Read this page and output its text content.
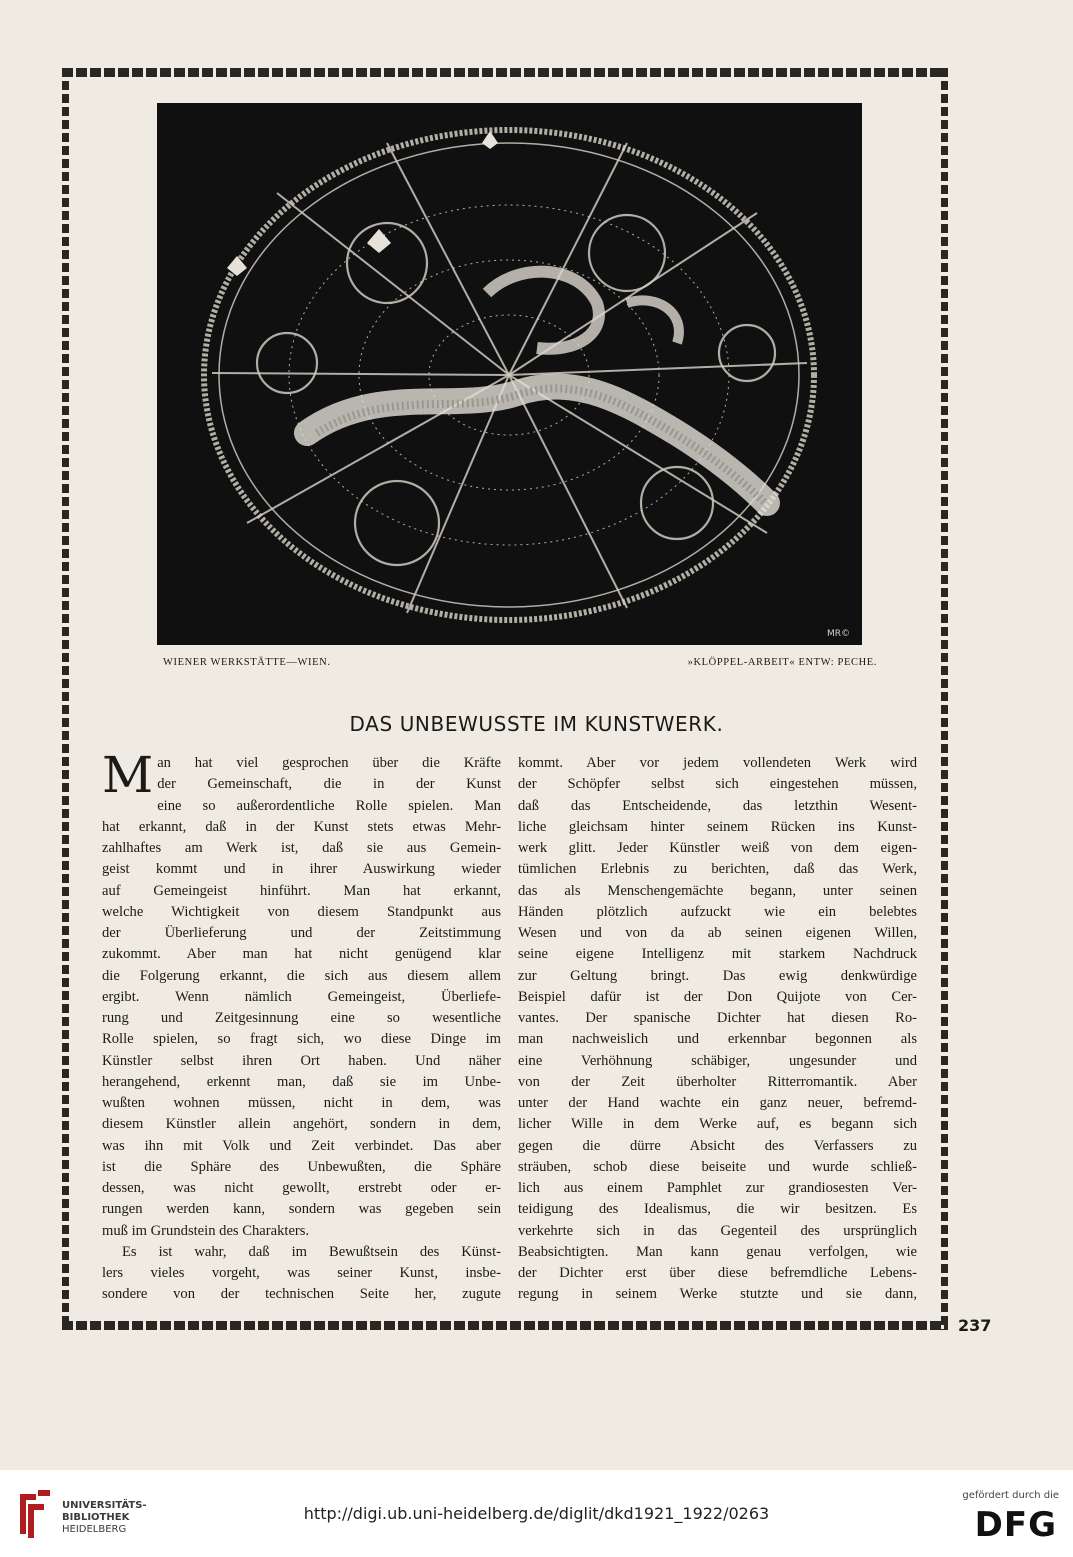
MR©
WIENER WERKSTÄTTE—WIEN.	»KLÖPPEL-ARBEIT« ENTW: PECHE.
DAS UNBEWUSSTE IM KUNSTWERK.
M an hat viel gesprochen über die Kräfte
der Gemeinschaft, die in der Kunst
eine so außerordentliche Rolle spielen. Man
hat erkannt, daß in der Kunst stets etwas Mehr-
zahlhaftes am Werk ist, daß sie aus Gemein-
geist kommt und in ihrer Auswirkung wieder
auf Gemeingeist hinführt. Man hat erkannt,
welche Wichtigkeit von diesem Standpunkt aus
der Überlieferung und der Zeitstimmung
zukommt. Aber man hat nicht genügend klar
die Folgerung erkannt, die sich aus diesem allem
ergibt. Wenn nämlich Gemeingeist, Überliefe-
rung und Zeitgesinnung eine so wesentliche
Rolle spielen, so fragt sich, wo diese Dinge im
Künstler selbst ihren Ort haben. Und näher
herangehend, erkennt man, daß sie im Unbe-
wußten wohnen müssen, nicht in dem, was
diesem Künstler allein angehört, sondern in dem,
was ihn mit Volk und Zeit verbindet. Das aber
ist die Sphäre des Unbewußten, die Sphäre
dessen, was nicht gewollt, erstrebt oder er-
rungen werden kann, sondern was gegeben sein
muß im Grundstein des Charakters.
Es ist wahr, daß im Bewußtsein des Künst-
lers vieles vorgeht, was seiner Kunst, insbe-
sondere von der technischen Seite her, zugute
kommt. Aber vor jedem vollendeten Werk wird
der Schöpfer selbst sich eingestehen müssen,
daß das Entscheidende, das letzthin Wesent-
liche gleichsam hinter seinem Rücken ins Kunst-
werk glitt. Jeder Künstler weiß von dem eigen-
tümlichen Erlebnis zu berichten, daß das Werk,
das als Menschengemächte begann, unter seinen
Händen plötzlich aufzuckt wie ein belebtes
Wesen und von da ab seinen eigenen Willen,
seine eigene Intelligenz mit starkem Nachdruck
zur Geltung bringt. Das ewig denkwürdige
Beispiel dafür ist der Don Quijote von Cer-
vantes. Der spanische Dichter hat diesen Ro-
man nachweislich und erkennbar begonnen als
eine Verhöhnung schäbiger, ungesunder und
von der Zeit überholter Ritterromantik. Aber
unter der Hand wachte ein ganz neuer, befremd-
licher Wille in dem Werke auf, es begann sich
gegen die dürre Absicht des Verfassers zu
sträuben, schob diese beiseite und wurde schließ-
lich aus einem Pamphlet zur grandiosesten Ver-
teidigung des Idealismus, die wir besitzen. Es
verkehrte sich in das Gegenteil des ursprünglich
Beabsichtigten. Man kann genau verfolgen, wie
der Dichter erst über diese befremdliche Lebens-
regung in seinem Werke stutzte und sie dann,
237
UNIVERSITÄTS-
BIBLIOTHEK
HEIDELBERG
http://digi.ub.uni-heidelberg.de/diglit/dkd1921_1922/0263
gefördert durch die
DFG
